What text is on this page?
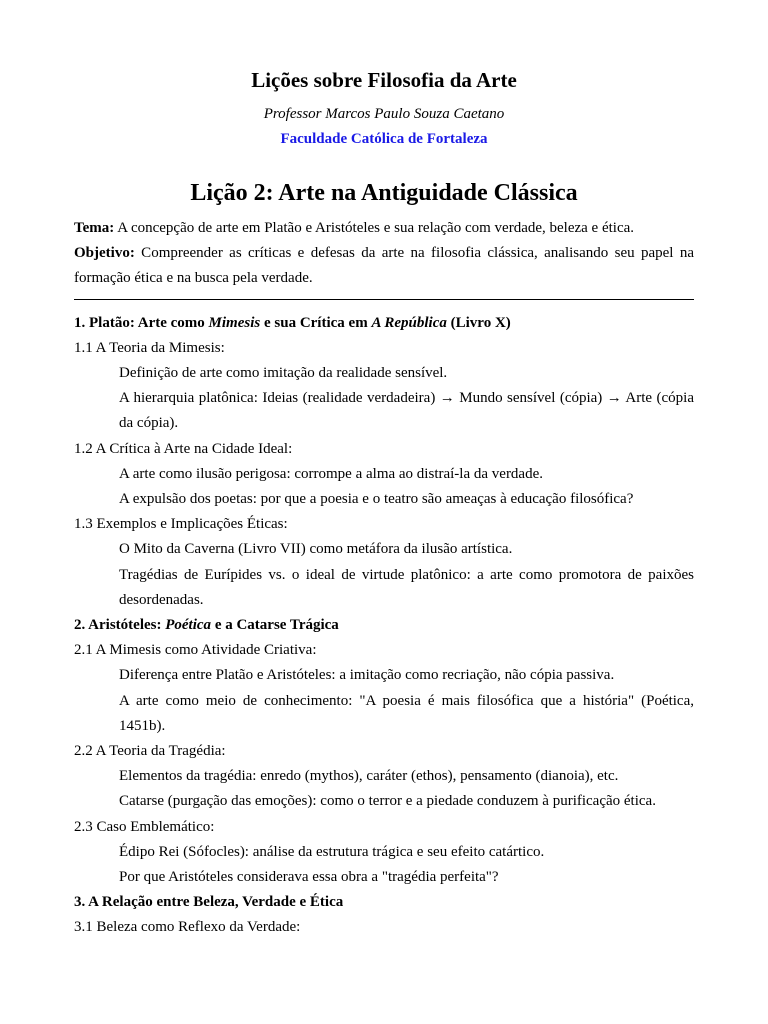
Lições sobre Filosofia da Arte
Professor Marcos Paulo Souza Caetano
Faculdade Católica de Fortaleza
Lição 2: Arte na Antiguidade Clássica

Tema: A concepção de arte em Platão e Aristóteles e sua relação com verdade, beleza e ética.

Objetivo: Compreender as críticas e defesas da arte na filosofia clássica, analisando seu papel na formação ética e na busca pela verdade.

1. Platão: Arte como Mimesis e sua Crítica em A República (Livro X)

1.1 A Teoria da Mimesis:

Definição de arte como imitação da realidade sensível.

A hierarquia platônica: Ideias (realidade verdadeira) → Mundo sensível (cópia) → Arte (cópia da cópia).

1.2 A Crítica à Arte na Cidade Ideal:

A arte como ilusão perigosa: corrompe a alma ao distraí-la da verdade.

A expulsão dos poetas: por que a poesia e o teatro são ameaças à educação filosófica?

1.3 Exemplos e Implicações Éticas:

O Mito da Caverna (Livro VII) como metáfora da ilusão artística.

Tragédias de Eurípides vs. o ideal de virtude platônico: a arte como promotora de paixões desordenadas.

2. Aristóteles: Poética e a Catarse Trágica

2.1 A Mimesis como Atividade Criativa:

Diferença entre Platão e Aristóteles: a imitação como recriação, não cópia passiva.

A arte como meio de conhecimento: "A poesia é mais filosófica que a história" (Poética, 1451b).

2.2 A Teoria da Tragédia:

Elementos da tragédia: enredo (mythos), caráter (ethos), pensamento (dianoia), etc.

Catarse (purgação das emoções): como o terror e a piedade conduzem à purificação ética.

2.3 Caso Emblemático:

Édipo Rei (Sófocles): análise da estrutura trágica e seu efeito catártico.

Por que Aristóteles considerava essa obra a "tragédia perfeita"?

3. A Relação entre Beleza, Verdade e Ética

3.1 Beleza como Reflexo da Verdade:
